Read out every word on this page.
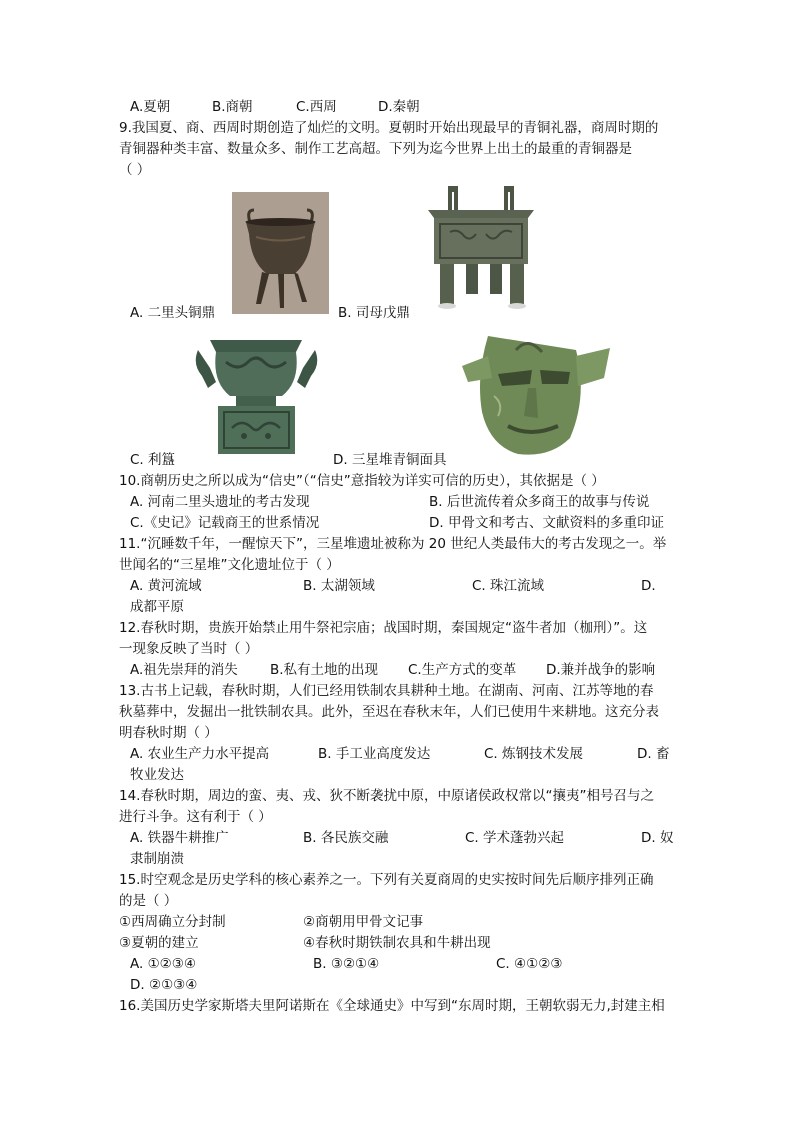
A.夏朝	B.商朝	C.西周	D.秦朝
9.我国夏、商、西周时期创造了灿烂的文明。夏朝时开始出现最早的青铜礼器，商周时期的
青铜器种类丰富、数量众多、制作工艺高超。下列为迄今世界上出土的最重的青铜器是
（ ）
A. 二里头铜鼎	B. 司母戊鼎
C. 利簋	D. 三星堆青铜面具
10.商朝历史之所以成为“信史”（“信史”意指较为详实可信的历史），其依据是（ ）
A. 河南二里头遗址的考古发现	B. 后世流传着众多商王的故事与传说
C.《史记》记载商王的世系情况	D. 甲骨文和考古、文献资料的多重印证
11.“沉睡数千年，一醒惊天下”，三星堆遗址被称为 20 世纪人类最伟大的考古发现之一。举
世闻名的“三星堆”文化遗址位于（ ）
A. 黄河流域	B. 太湖领域	C. 珠江流域	D.
成都平原
12.春秋时期，贵族开始禁止用牛祭祀宗庙；战国时期，秦国规定“盗牛者加（枷刑）”。这
一现象反映了当时（ ）
A.祖先崇拜的消失 B.私有土地的出现 C.生产方式的变革 D.兼并战争的影响
13.古书上记载，春秋时期，人们已经用铁制农具耕种土地。在湖南、河南、江苏等地的春
秋墓葬中，发掘出一批铁制农具。此外，至迟在春秋末年，人们已使用牛来耕地。这充分表
明春秋时期（ ）
A. 农业生产力水平提高	B. 手工业高度发达	C. 炼钢技术发展	D. 畜
牧业发达
14.春秋时期，周边的蛮、夷、戎、狄不断袭扰中原，中原诸侯政权常以“攘夷”相号召与之
进行斗争。这有利于（ ）
A. 铁器牛耕推广	B. 各民族交融	C. 学术蓬勃兴起	D. 奴
隶制崩溃
15.时空观念是历史学科的核心素养之一。下列有关夏商周的史实按时间先后顺序排列正确
的是（ ）
①西周确立分封制	②商朝用甲骨文记事
③夏朝的建立	④春秋时期铁制农具和牛耕出现
A. ①②③④	B. ③②①④	C. ④①②③
D. ②①③④
16.美国历史学家斯塔夫里阿诺斯在《全球通史》中写到“东周时期，王朝软弱无力,封建主相
